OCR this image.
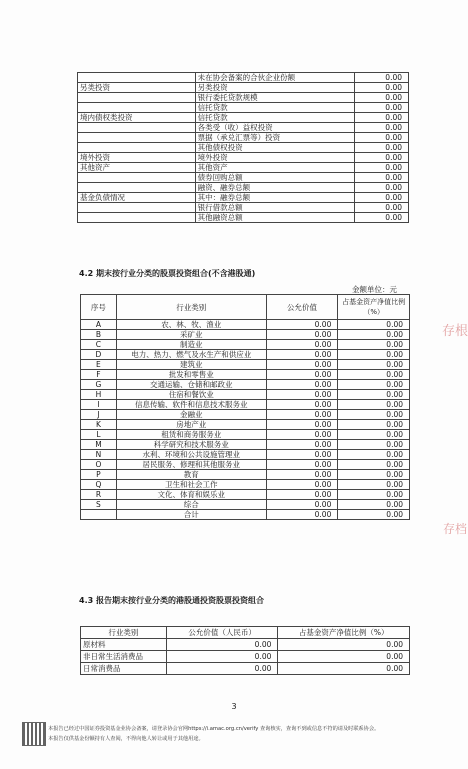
	未在协会备案的合伙企业份额	0.00
另类投资	另类投资	0.00
	银行委托贷款规模	0.00
	信托贷款	0.00
境内债权类投资	信托贷款	0.00
	各类受（收）益权投资	0.00
	票据（承兑汇票等）投资	0.00
	其他债权投资	0.00
境外投资	境外投资	0.00
其他资产	其他资产	0.00
	债券回购总额	0.00
	融资、融券总额	0.00
基金负债情况	其中：融券总额	0.00
	银行借款总额	0.00
	其他融资总额	0.00
4.2 期末按行业分类的股票投资组合(不含港股通)
金额单位：元
序号	行业类别	公允价值	占基金资产净值比例（%）
A	农、林、牧、渔业	0.00	0.00
B	采矿业	0.00	0.00
C	制造业	0.00	0.00
D	电力、热力、燃气及水生产和供应业	0.00	0.00
E	建筑业	0.00	0.00
F	批发和零售业	0.00	0.00
G	交通运输、仓储和邮政业	0.00	0.00
H	住宿和餐饮业	0.00	0.00
I	信息传输、软件和信息技术服务业	0.00	0.00
J	金融业	0.00	0.00
K	房地产业	0.00	0.00
L	租赁和商务服务业	0.00	0.00
M	科学研究和技术服务业	0.00	0.00
N	水利、环境和公共设施管理业	0.00	0.00
O	居民服务、修理和其他服务业	0.00	0.00
P	教育	0.00	0.00
Q	卫生和社会工作	0.00	0.00
R	文化、体育和娱乐业	0.00	0.00
S	综合	0.00	0.00
	合计	0.00	0.00
4.3 报告期末按行业分类的港股通投资股票投资组合
行业类别	公允价值（人民币）	占基金资产净值比例（%）
原材料	0.00	0.00
非日常生活消费品	0.00	0.00
日常消费品	0.00	0.00
3
本报告已经过中国证券投资基金业协会备案，请登录协会官网https://i.amac.org.cn/verify 查询核实，查询不到或信息不符的请及时联系协会。
本报告仅供基金份额持有人查阅，不得向他人转让或用于其他用途。
存根
存档
